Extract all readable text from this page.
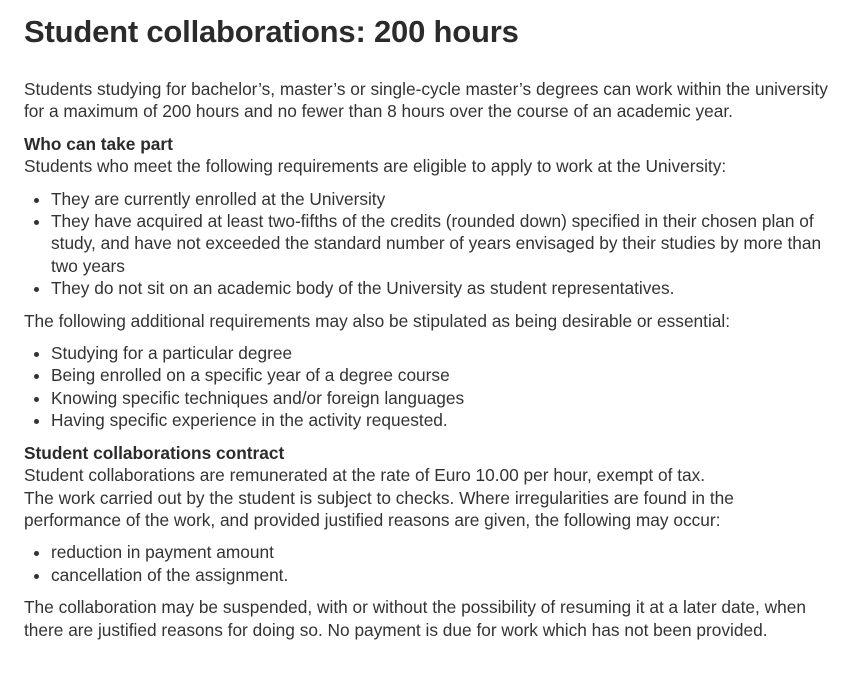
Student collaborations: 200 hours

Students studying for bachelor’s, master’s or single-cycle master’s degrees can work within the university for a maximum of 200 hours and no fewer than 8 hours over the course of an academic year.

Who can take part

Students who meet the following requirements are eligible to apply to work at the University:

• They are currently enrolled at the University
• They have acquired at least two-fifths of the credits (rounded down) specified in their chosen plan of study, and have not exceeded the standard number of years envisaged by their studies by more than two years
• They do not sit on an academic body of the University as student representatives.

The following additional requirements may also be stipulated as being desirable or essential:

• Studying for a particular degree
• Being enrolled on a specific year of a degree course
• Knowing specific techniques and/or foreign languages
• Having specific experience in the activity requested.
Student collaborations contract

Student collaborations are remunerated at the rate of Euro 10.00 per hour, exempt of tax.

The work carried out by the student is subject to checks. Where irregularities are found in the performance of the work, and provided justified reasons are given, the following may occur:

• reduction in payment amount
• cancellation of the assignment.

The collaboration may be suspended, with or without the possibility of resuming it at a later date, when there are justified reasons for doing so. No payment is due for work which has not been provided.
